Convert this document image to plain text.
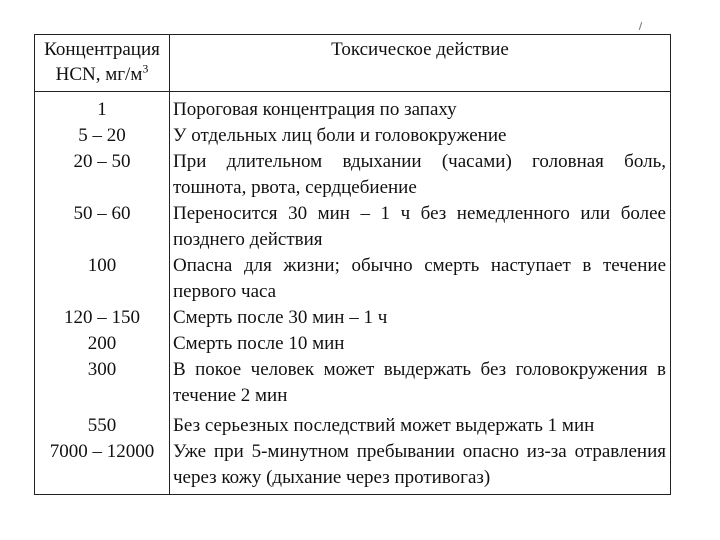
Концентрация
HCN, $мг/м^3$	Токсическое действие
1	Пороговая концентрация по запаху
5 – 20	У отдельных лиц боли и головокружение
20 – 50	При длительном вдыхании (часами) головная боль, тошнота, рвота, сердцебиение
50 – 60	Переносится 30 мин – 1 ч без немедленного или более позднего действия
100	Опасна для жизни; обычно смерть наступает в течение первого часа
120 – 150	Смерть после 30 мин – 1 ч
200	Смерть после 10 мин
300	В покое человек может выдержать без головокружения в течение 2 мин
550	Без серьезных последствий может выдержать 1 мин
7000 – 12000	Уже при 5-минутном пребывании опасно из-за отравления через кожу (дыхание через противогаз)
